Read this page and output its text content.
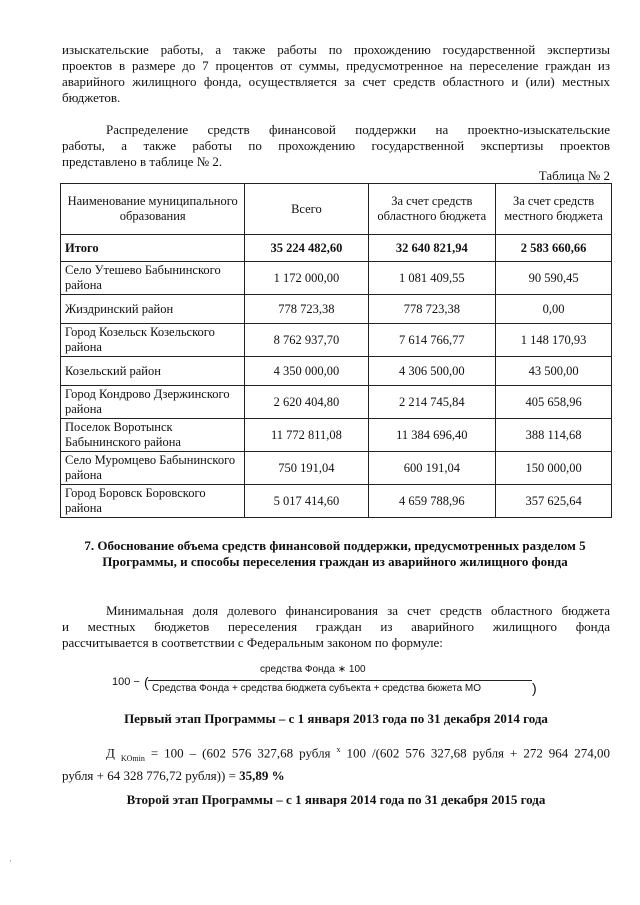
изыскательские работы, а также работы по прохождению государственной экспертизы
проектов в размере до 7 процентов от суммы, предусмотренное на переселение граждан из
аварийного жилищного фонда, осуществляется за счет средств областного и (или) местных
бюджетов.
Распределение средств финансовой поддержки на проектно-изыскательские
работы, а также работы по прохождению государственной экспертизы проектов
представлено в таблице № 2.
Таблица № 2
Наименование муниципального образования	Всего	За счет средств областного бюджета	За счет средств местного бюджета
Итого	35 224 482,60	32 640 821,94	2 583 660,66
Село Утешево Бабынинского района	1 172 000,00	1 081 409,55	90 590,45
Жиздринский район	778 723,38	778 723,38	0,00
Город Козельск Козельского района	8 762 937,70	7 614 766,77	1 148 170,93
Козельский район	4 350 000,00	4 306 500,00	43 500,00
Город Кондрово Дзержинского района	2 620 404,80	2 214 745,84	405 658,96
Поселок Воротынск Бабынинского района	11 772 811,08	11 384 696,40	388 114,68
Село Муромцево Бабынинского района	750 191,04	600 191,04	150 000,00
Город Боровск Боровского района	5 017 414,60	4 659 788,96	357 625,64
7. Обоснование объема средств финансовой поддержки, предусмотренных разделом 5 Программы, и способы переселения граждан из аварийного жилищного фонда
Минимальная доля долевого финансирования за счет средств областного бюджета
и местных бюджетов переселения граждан из аварийного жилищного фонда
рассчитывается в соответствии с Федеральным законом по формуле:
100 − (
средства Фонда ∗ 100
Средства Фонда + средства бюджета субъекта + средства бюжета МО	)
Первый этап Программы – с 1 января 2013 года по 31 декабря 2014 года
Д $_{KOmin}$ = 100 – (602 576 327,68 рубля $^x$ 100 /(602 576 327,68 рубля + 272 964 274,00
рубля + 64 328 776,72 рубля)) = 35,89 %
Второй этап Программы – с 1 января 2014 года по 31 декабря 2015 года
